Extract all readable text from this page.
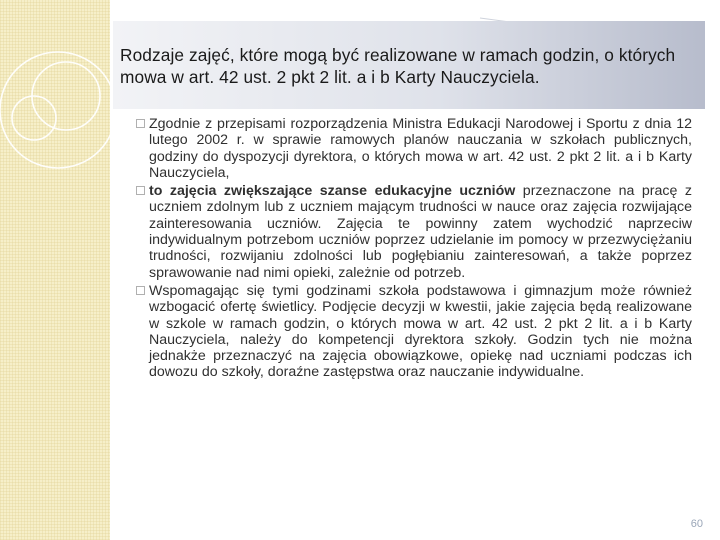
Rodzaje zajęć, które mogą być realizowane w ramach godzin, o których mowa w art. 42 ust. 2 pkt 2 lit. a i b Karty Nauczyciela.

Zgodnie z przepisami rozporządzenia Ministra Edukacji Narodowej i Sportu z dnia 12 lutego 2002 r. w sprawie ramowych planów nauczania w szkołach publicznych, godziny do dyspozycji dyrektora, o których mowa w art. 42 ust. 2 pkt 2 lit. a i b Karty Nauczyciela,

to zajęcia zwiększające szanse edukacyjne uczniów przeznaczone na pracę z uczniem zdolnym lub z uczniem mającym trudności w nauce oraz zajęcia rozwijające zainteresowania uczniów. Zajęcia te powinny zatem wychodzić naprzeciw indywidualnym potrzebom uczniów poprzez udzielanie im pomocy w przezwyciężaniu trudności, rozwijaniu zdolności lub pogłębianiu zainteresowań, a także poprzez sprawowanie nad nimi opieki, zależnie od potrzeb.

Wspomagając się tymi godzinami szkoła podstawowa i gimnazjum może również wzbogacić ofertę świetlicy. Podjęcie decyzji w kwestii, jakie zajęcia będą realizowane w szkole w ramach godzin, o których mowa w art. 42 ust. 2 pkt 2 lit. a i b Karty Nauczyciela, należy do kompetencji dyrektora szkoły. Godzin tych nie można jednakże przeznaczyć na zajęcia obowiązkowe, opiekę nad uczniami podczas ich dowozu do szkoły, doraźne zastępstwa oraz nauczanie indywidualne.

60
